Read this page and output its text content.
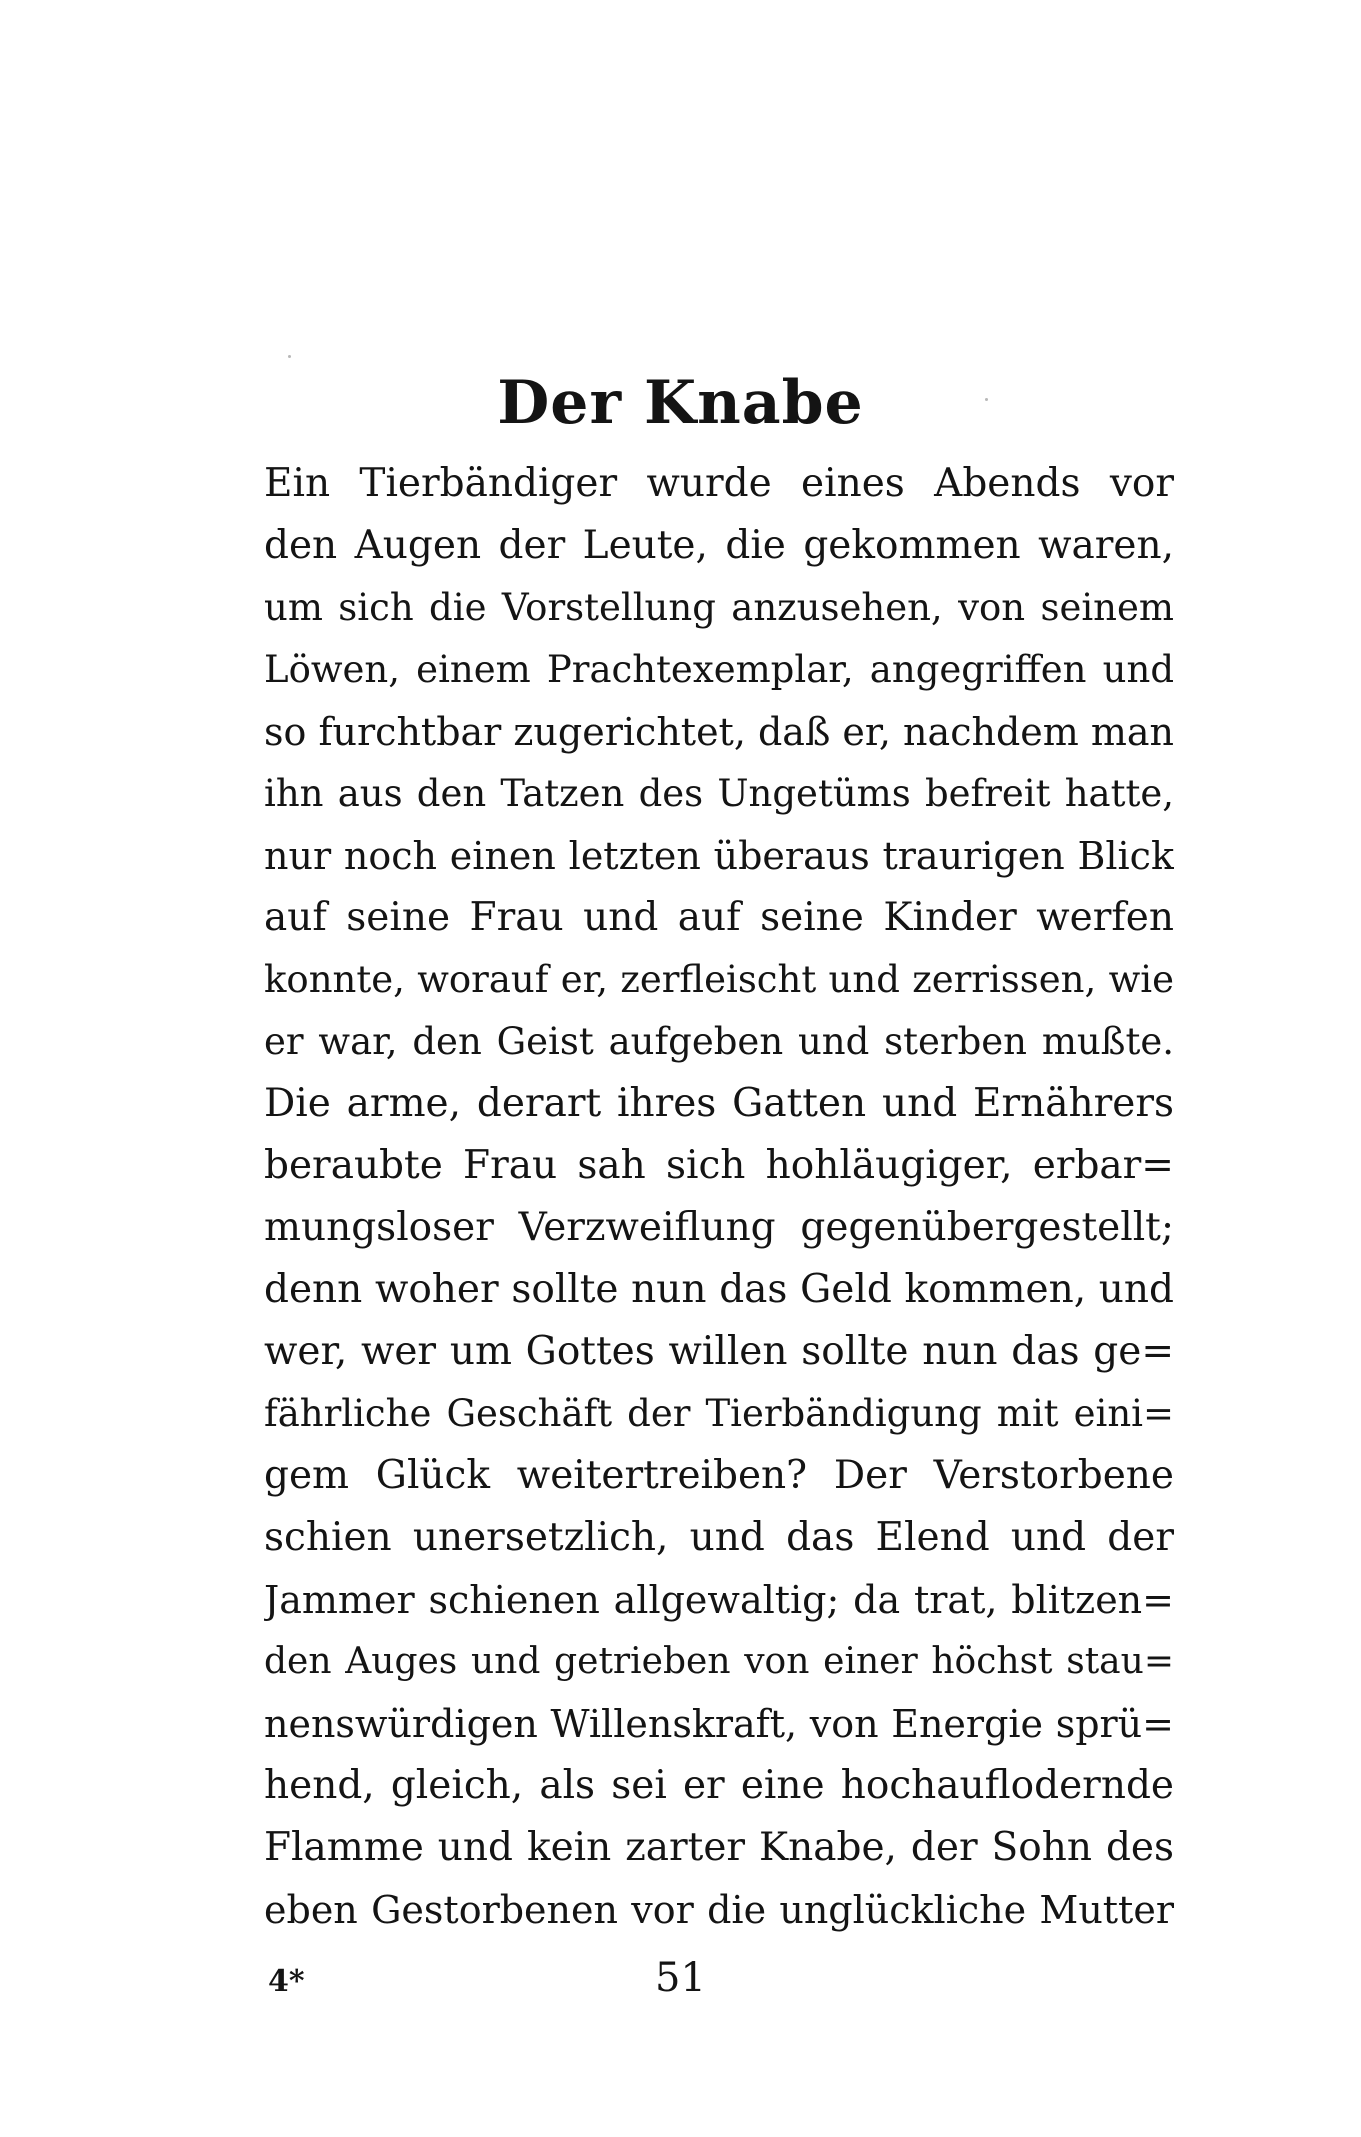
Der Knabe
Ein Tierbändiger wurde eines Abends vor
den Augen der Leute, die gekommen waren,
um sich die Vorstellung anzusehen, von seinem
Löwen, einem Prachtexemplar, angegriffen und
so furchtbar zugerichtet, daß er, nachdem man
ihn aus den Tatzen des Ungetüms befreit hatte,
nur noch einen letzten überaus traurigen Blick
auf seine Frau und auf seine Kinder werfen
konnte, worauf er, zerfleischt und zerrissen, wie
er war, den Geist aufgeben und sterben mußte.
Die arme, derart ihres Gatten und Ernährers
beraubte Frau sah sich hohläugiger, erbar=
mungsloser Verzweiflung gegenübergestellt;
denn woher sollte nun das Geld kommen, und
wer, wer um Gottes willen sollte nun das ge=
fährliche Geschäft der Tierbändigung mit eini=
gem Glück weitertreiben? Der Verstorbene
schien unersetzlich, und das Elend und der
Jammer schienen allgewaltig; da trat, blitzen=
den Auges und getrieben von einer höchst stau=
nenswürdigen Willenskraft, von Energie sprü=
hend, gleich, als sei er eine hochauflodernde
Flamme und kein zarter Knabe, der Sohn des
eben Gestorbenen vor die unglückliche Mutter
4*	51
